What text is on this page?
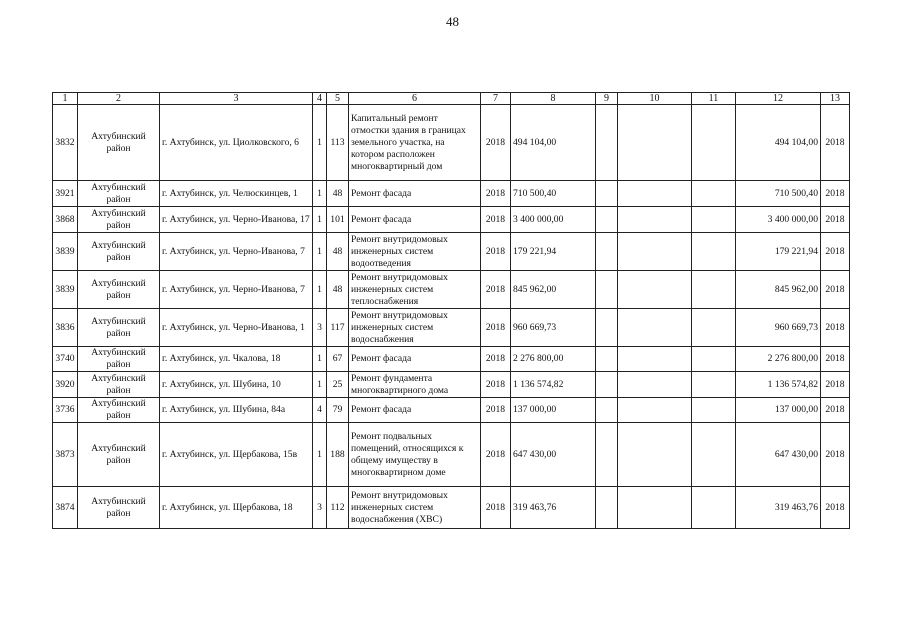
48
1	2	3	4	5	6	7	8	9	10	11	12	13
3832	Ахтубинский район	г. Ахтубинск, ул. Циолковского, 6	1	113	Капитальный ремонт отмостки здания в границах земельного участка, на котором расположен многоквартирный дом	2018	494 104,00				494 104,00	2018
3921	Ахтубинский район	г. Ахтубинск, ул. Челюскинцев, 1	1	48	Ремонт фасада	2018	710 500,40				710 500,40	2018
3868	Ахтубинский район	г. Ахтубинск, ул. Черно-Иванова, 17	1	101	Ремонт фасада	2018	3 400 000,00				3 400 000,00	2018
3839	Ахтубинский район	г. Ахтубинск, ул. Черно-Иванова, 7	1	48	Ремонт внутридомовых инженерных систем водоотведения	2018	179 221,94				179 221,94	2018
3839	Ахтубинский район	г. Ахтубинск, ул. Черно-Иванова, 7	1	48	Ремонт внутридомовых инженерных систем теплоснабжения	2018	845 962,00				845 962,00	2018
3836	Ахтубинский район	г. Ахтубинск, ул. Черно-Иванова, 1	3	117	Ремонт внутридомовых инженерных систем водоснабжения	2018	960 669,73				960 669,73	2018
3740	Ахтубинский район	г. Ахтубинск, ул. Чкалова, 18	1	67	Ремонт фасада	2018	2 276 800,00				2 276 800,00	2018
3920	Ахтубинский район	г. Ахтубинск, ул. Шубина, 10	1	25	Ремонт фундамента многоквартирного дома	2018	1 136 574,82				1 136 574,82	2018
3736	Ахтубинский район	г. Ахтубинск, ул. Шубина, 84а	4	79	Ремонт фасада	2018	137 000,00				137 000,00	2018
3873	Ахтубинский район	г. Ахтубинск, ул. Щербакова, 15в	1	188	Ремонт подвальных помещений, относящихся к общему имуществу в многоквартирном доме	2018	647 430,00				647 430,00	2018
3874	Ахтубинский район	г. Ахтубинск, ул. Щербакова, 18	3	112	Ремонт внутридомовых инженерных систем водоснабжения (ХВС)	2018	319 463,76				319 463,76	2018
